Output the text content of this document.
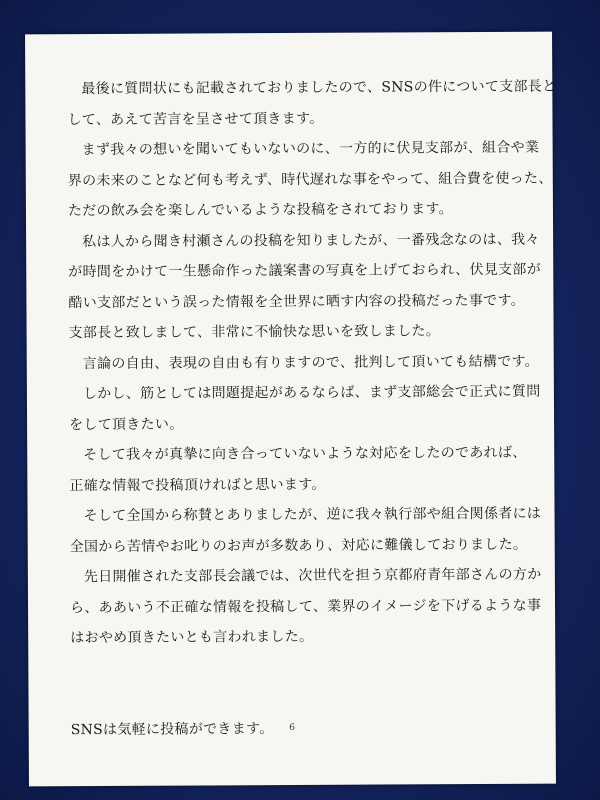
最後に質問状にも記載されておりましたので、SNSの件について支部長と
して、あえて苦言を呈させて頂きます。
まず我々の想いを聞いてもいないのに、一方的に伏見支部が、組合や業
界の未来のことなど何も考えず、時代遅れな事をやって、組合費を使った、
ただの飲み会を楽しんでいるような投稿をされております。
私は人から聞き村瀬さんの投稿を知りましたが、一番残念なのは、我々
が時間をかけて一生懸命作った議案書の写真を上げておられ、伏見支部が
酷い支部だという誤った情報を全世界に晒す内容の投稿だった事です。
支部長と致しまして、非常に不愉快な思いを致しました。
言論の自由、表現の自由も有りますので、批判して頂いても結構です。
しかし、筋としては問題提起があるならば、まず支部総会で正式に質問
をして頂きたい。
そして我々が真摯に向き合っていないような対応をしたのであれば、
正確な情報で投稿頂ければと思います。
そして全国から称賛とありましたが、逆に我々執行部や組合関係者には
全国から苦情やお叱りのお声が多数あり、対応に難儀しておりました。
先日開催された支部長会議では、次世代を担う京都府青年部さんの方か
ら、ああいう不正確な情報を投稿して、業界のイメージを下げるような事
はおやめ頂きたいとも言われました。
SNSは気軽に投稿ができます。	6
